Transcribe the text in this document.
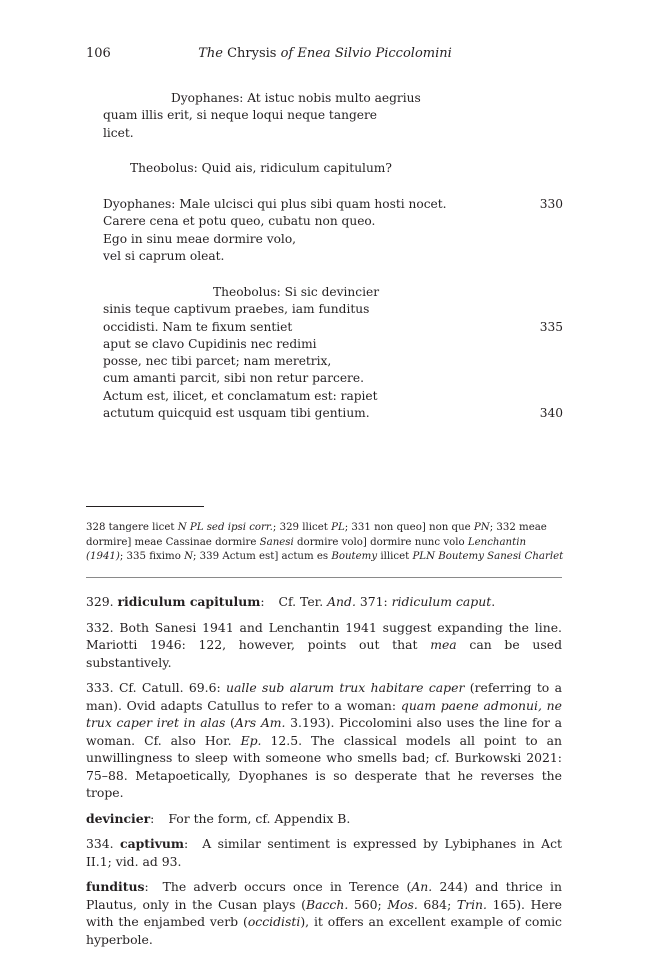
106	The Chrysis of Enea Silvio Piccolomini
Dyophanes: At istuc nobis multo aegrius
quam illis erit, si neque loqui neque tangere
licet.
Theobolus: Quid ais, ridiculum capitulum?
Dyophanes: Male ulcisci qui plus sibi quam hosti nocet.	330
Carere cena et potu queo, cubatu non queo.
Ego in sinu meae dormire volo,
vel si caprum oleat.
Theobolus: Si sic devincier
sinis teque captivum praebes, iam funditus
occidisti. Nam te fixum sentiet	335
aput se clavo Cupidinis nec redimi
posse, nec tibi parcet; nam meretrix,
cum amanti parcit, sibi non retur parcere.
Actum est, ilicet, et conclamatum est: rapiet
actutum quicquid est usquam tibi gentium.	340
328 tangere licet N PL sed ipsi corr.; 329 llicet PL; 331 non queo] non que PN; 332 meae dormire] meae Cassinae dormire Sanesi dormire volo] dormire nunc volo Lenchantin (1941); 335 fiximo N; 339 Actum est] actum es Boutemy illicet PLN Boutemy Sanesi Charlet

329. ridiculum capitulum: Cf. Ter. And. 371: ridiculum caput.

332. Both Sanesi 1941 and Lenchantin 1941 suggest expanding the line. Mariotti 1946: 122, however, points out that mea can be used substantively.

333. Cf. Catull. 69.6: ualle sub alarum trux habitare caper (referring to a man). Ovid adapts Catullus to refer to a woman: quam paene admonui, ne trux caper iret in alas (Ars Am. 3.193). Piccolomini also uses the line for a woman. Cf. also Hor. Ep. 12.5. The classical models all point to an unwillingness to sleep with someone who smells bad; cf. Burkowski 2021: 75–88. Metapoetically, Dyophanes is so desperate that he reverses the trope.

devincier: For the form, cf. Appendix B.

334. captivum: A similar sentiment is expressed by Lybiphanes in Act II.1; vid. ad 93.

funditus: The adverb occurs once in Terence (An. 244) and thrice in Plautus, only in the Cusan plays (Bacch. 560; Mos. 684; Trin. 165). Here with the enjambed verb (occidisti), it offers an excellent example of comic hyperbole.
